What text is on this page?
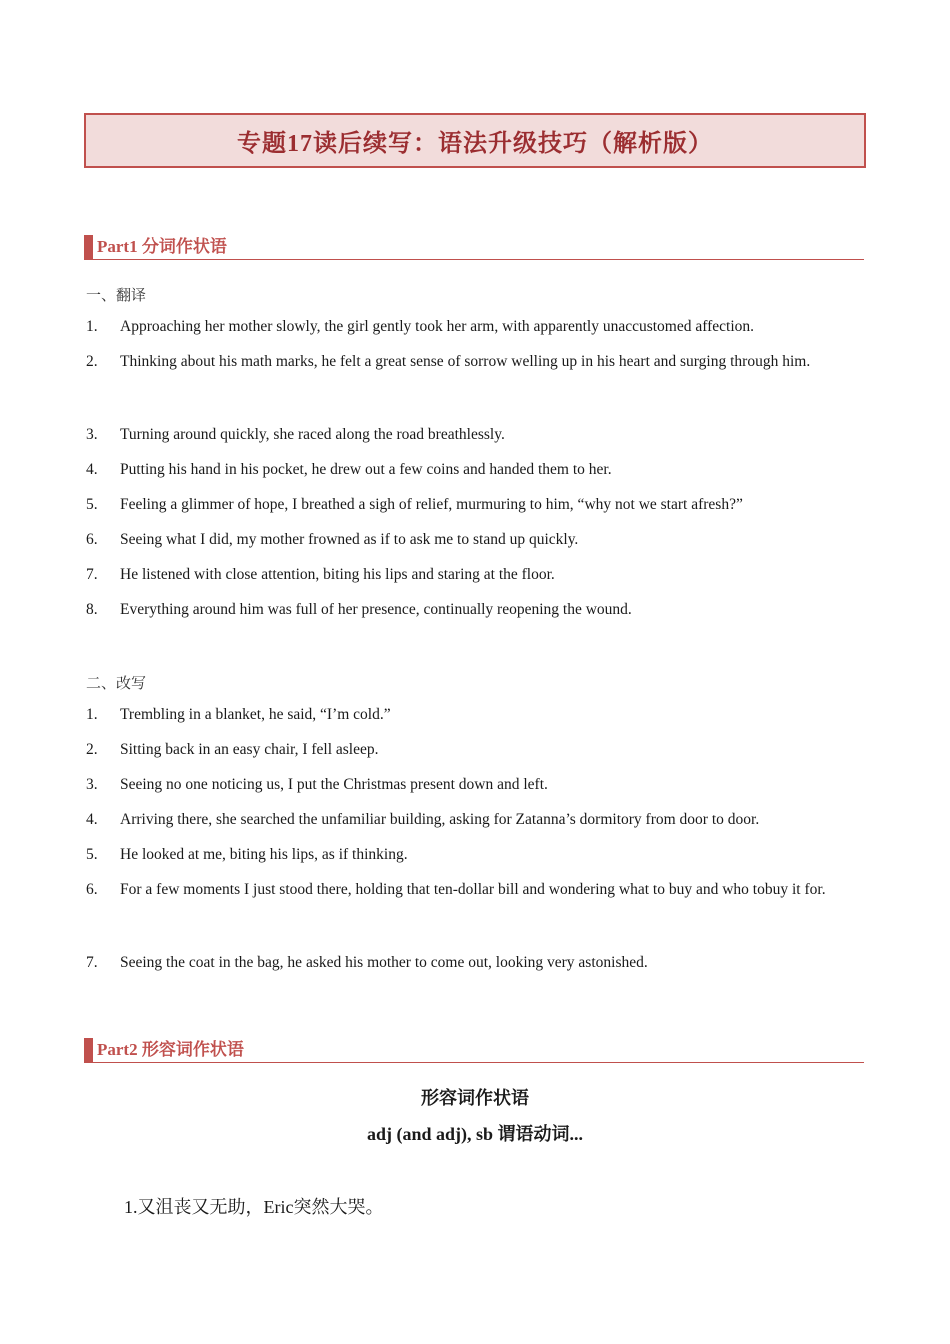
专题17读后续写：语法升级技巧（解析版）
Part1 分词作状语
一、翻译
1.	Approaching her mother slowly, the girl gently took her arm, with apparently unaccustomed affection.
2.	Thinking about his math marks, he felt a great sense of sorrow welling up in his heart and surging through him.
3.	Turning around quickly, she raced along the road breathlessly.
4.	Putting his hand in his pocket, he drew out a few coins and handed them to her.
5.	Feeling a glimmer of hope, I breathed a sigh of relief, murmuring to him, “why not we start afresh?”
6.	Seeing what I did, my mother frowned as if to ask me to stand up quickly.
7.	He listened with close attention, biting his lips and staring at the floor.
8.	Everything around him was full of her presence, continually reopening the wound.
二、改写
1.	Trembling in a blanket, he said, “I’m cold.”
2.	Sitting back in an easy chair, I fell asleep.
3.	Seeing no one noticing us, I put the Christmas present down and left.
4.	Arriving there, she searched the unfamiliar building, asking for Zatanna’s dormitory from door to door.
5.	He looked at me, biting his lips, as if thinking.
6.	For a few moments I just stood there, holding that ten-dollar bill and wondering what to buy and who tobuy it for.
7.	Seeing the coat in the bag, he asked his mother to come out, looking very astonished.
Part2 形容词作状语
形容词作状语
adj (and adj), sb 谓语动词...
1.又沮丧又无助，Eric突然大哭。
